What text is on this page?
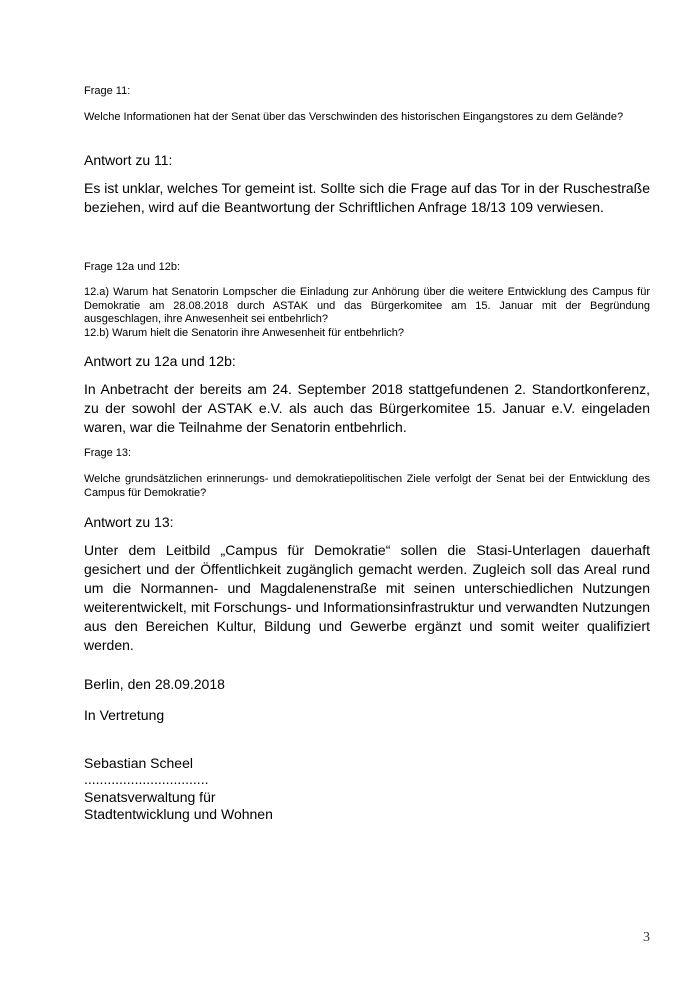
Frage 11:

Welche Informationen hat der Senat über das Verschwinden des historischen Eingangstores zu dem Gelände?

Antwort zu 11:

Es ist unklar, welches Tor gemeint ist. Sollte sich die Frage auf das Tor in der Ruschestraße beziehen, wird auf die Beantwortung der Schriftlichen Anfrage 18/13 109 verwiesen.

Frage 12a und 12b:

12.a) Warum hat Senatorin Lompscher die Einladung zur Anhörung über die weitere Entwicklung des Campus für Demokratie am 28.08.2018 durch ASTAK und das Bürgerkomitee am 15. Januar mit der Begründung ausgeschlagen, ihre Anwesenheit sei entbehrlich?
12.b) Warum hielt die Senatorin ihre Anwesenheit für entbehrlich?

Antwort zu 12a und 12b:

In Anbetracht der bereits am 24. September 2018 stattgefundenen 2. Standortkonferenz, zu der sowohl der ASTAK e.V. als auch das Bürgerkomitee 15. Januar e.V. eingeladen waren, war die Teilnahme der Senatorin entbehrlich.

Frage 13:

Welche grundsätzlichen erinnerungs- und demokratiepolitischen Ziele verfolgt der Senat bei der Entwicklung des Campus für Demokratie?

Antwort zu 13:

Unter dem Leitbild „Campus für Demokratie“ sollen die Stasi-Unterlagen dauerhaft gesichert und der Öffentlichkeit zugänglich gemacht werden. Zugleich soll das Areal rund um die Normannen- und Magdalenenstraße mit seinen unterschiedlichen Nutzungen weiterentwickelt, mit Forschungs- und Informationsinfrastruktur und verwandten Nutzungen aus den Bereichen Kultur, Bildung und Gewerbe ergänzt und somit weiter qualifiziert werden.

Berlin, den 28.09.2018

In Vertretung

Sebastian Scheel

................................

Senatsverwaltung für

Stadtentwicklung und Wohnen

3
